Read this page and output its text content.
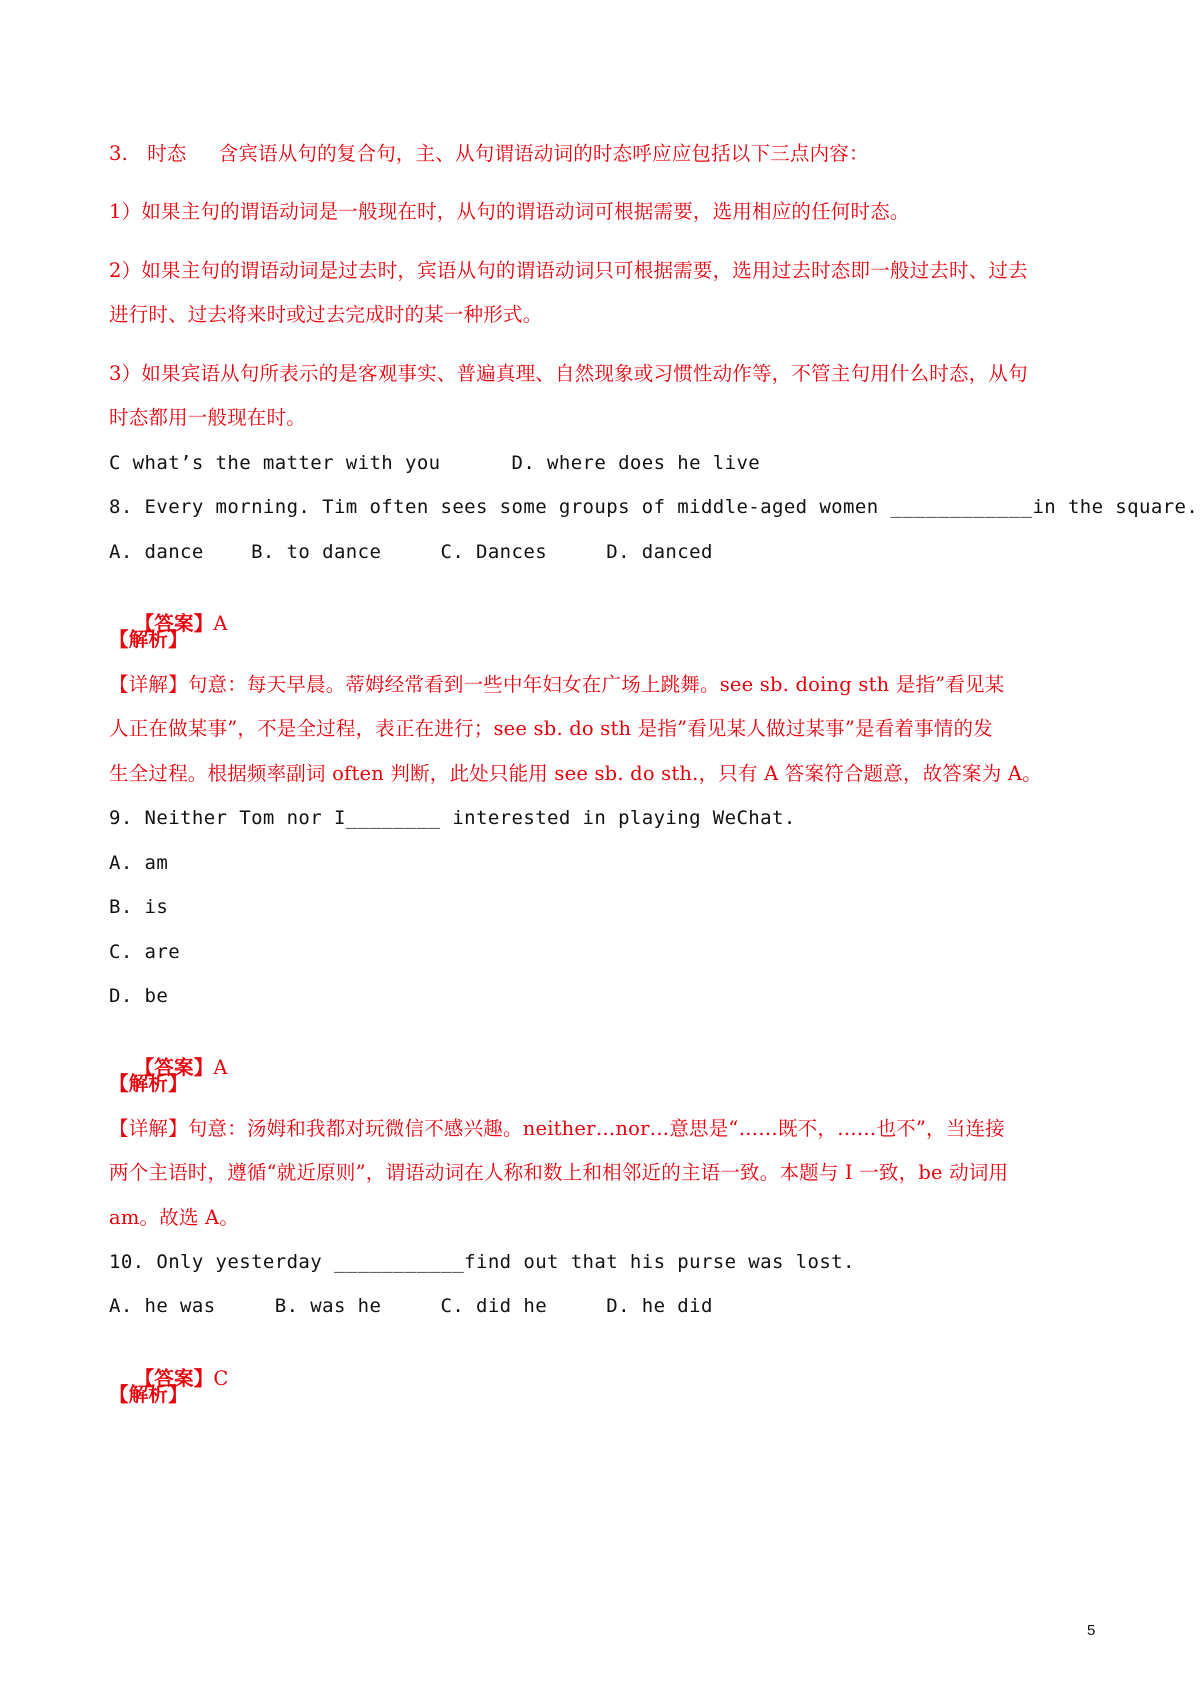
3.   时态     含宾语从句的复合句，主、从句谓语动词的时态呼应应包括以下三点内容：
1）如果主句的谓语动词是一般现在时，从句的谓语动词可根据需要，选用相应的任何时态。
2）如果主句的谓语动词是过去时，宾语从句的谓语动词只可根据需要，选用过去时态即一般过去时、过去
进行时、过去将来时或过去完成时的某一种形式。
3）如果宾语从句所表示的是客观事实、普遍真理、自然现象或习惯性动作等，不管主句用什么时态，从句
时态都用一般现在时。
C what’s the matter with you      D. where does he live
8. Every morning. Tim often sees some groups of middle-aged women ____________in the square.
A. dance    B. to dance     C. Dances     D. danced

【答案】A

【解析】
【详解】句意：每天早晨。蒂姆经常看到一些中年妇女在广场上跳舞。see sb. doing sth 是指”看见某
人正在做某事”，不是全过程，表正在进行；see sb. do sth 是指”看见某人做过某事”是看着事情的发
生全过程。根据频率副词 often 判断，此处只能用 see sb. do sth.，只有 A 答案符合题意，故答案为 A。
9. Neither Tom nor I________ interested in playing WeChat.
A. am
B. is
C. are
D. be

【答案】A

【解析】
【详解】句意：汤姆和我都对玩微信不感兴趣。neither…nor…意思是“……既不，……也不”，当连接
两个主语时，遵循“就近原则”，谓语动词在人称和数上和相邻近的主语一致。本题与 I 一致，be 动词用
am。故选 A。
10. Only yesterday ___________find out that his purse was lost.
A. he was     B. was he     C. did he     D. he did

【答案】C

【解析】
5
